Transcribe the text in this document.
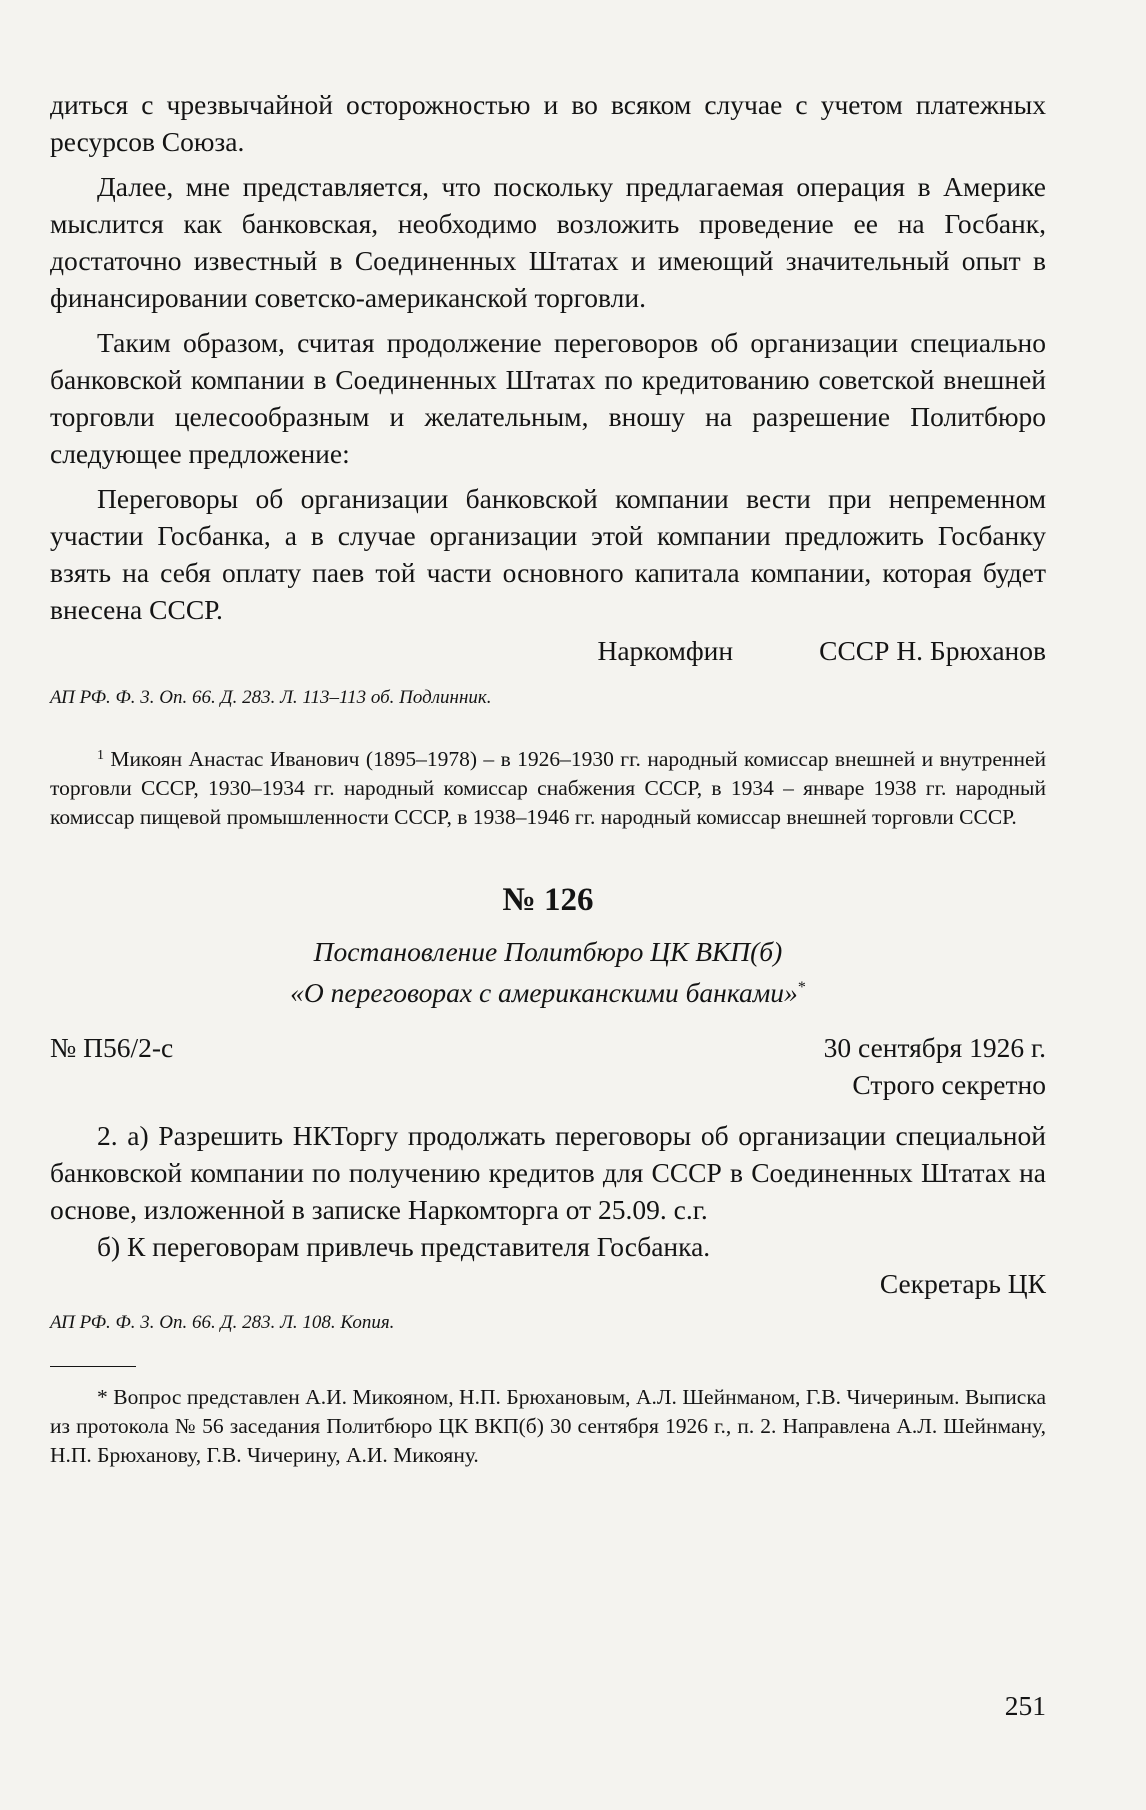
диться с чрезвычайной осторожностью и во всяком случае с учетом платежных ресурсов Союза.

Далее, мне представляется, что поскольку предлагаемая операция в Америке мыслится как банковская, необходимо возложить проведение ее на Госбанк, достаточно известный в Соединенных Штатах и имеющий значительный опыт в финансировании советско-американской торговли.

Таким образом, считая продолжение переговоров об организации специально банковской компании в Соединенных Штатах по кредитованию советской внешней торговли целесообразным и желательным, вношу на разрешение Политбюро следующее предложение:

Переговоры об организации банковской компании вести при непременном участии Госбанка, а в случае организации этой компании предложить Госбанку взять на себя оплату паев той части основного капитала компании, которая будет внесена СССР.

Наркомфин	СССР Н. Брюханов
АП РФ. Ф. 3. Оп. 66. Д. 283. Л. 113–113 об. Подлинник.
$^1$ Микоян Анастас Иванович (1895–1978) – в 1926–1930 гг. народный комиссар внешней и внутренней торговли СССР, 1930–1934 гг. народный комиссар снабжения СССР, в 1934 – январе 1938 гг. народный комиссар пищевой промышленности СССР, в 1938–1946 гг. народный комиссар внешней торговли СССР.
№ 126
Постановление Политбюро ЦК ВКП(б)
«О переговорах с американскими банками»*
№ П56/2-с	30 сентября 1926 г.
Строго секретно

2. а) Разрешить НКТоргу продолжать переговоры об организации специальной банковской компании по получению кредитов для СССР в Соединенных Штатах на основе, изложенной в записке Наркомторга от 25.09. с.г.

б) К переговорам привлечь представителя Госбанка.

Секретарь ЦК
АП РФ. Ф. 3. Оп. 66. Д. 283. Л. 108. Копия.
* Вопрос представлен А.И. Микояном, Н.П. Брюхановым, А.Л. Шейнманом, Г.В. Чичериным. Выписка из протокола № 56 заседания Политбюро ЦК ВКП(б) 30 сентября 1926 г., п. 2. Направлена А.Л. Шейнману, Н.П. Брюханову, Г.В. Чичерину, А.И. Микояну.
251
